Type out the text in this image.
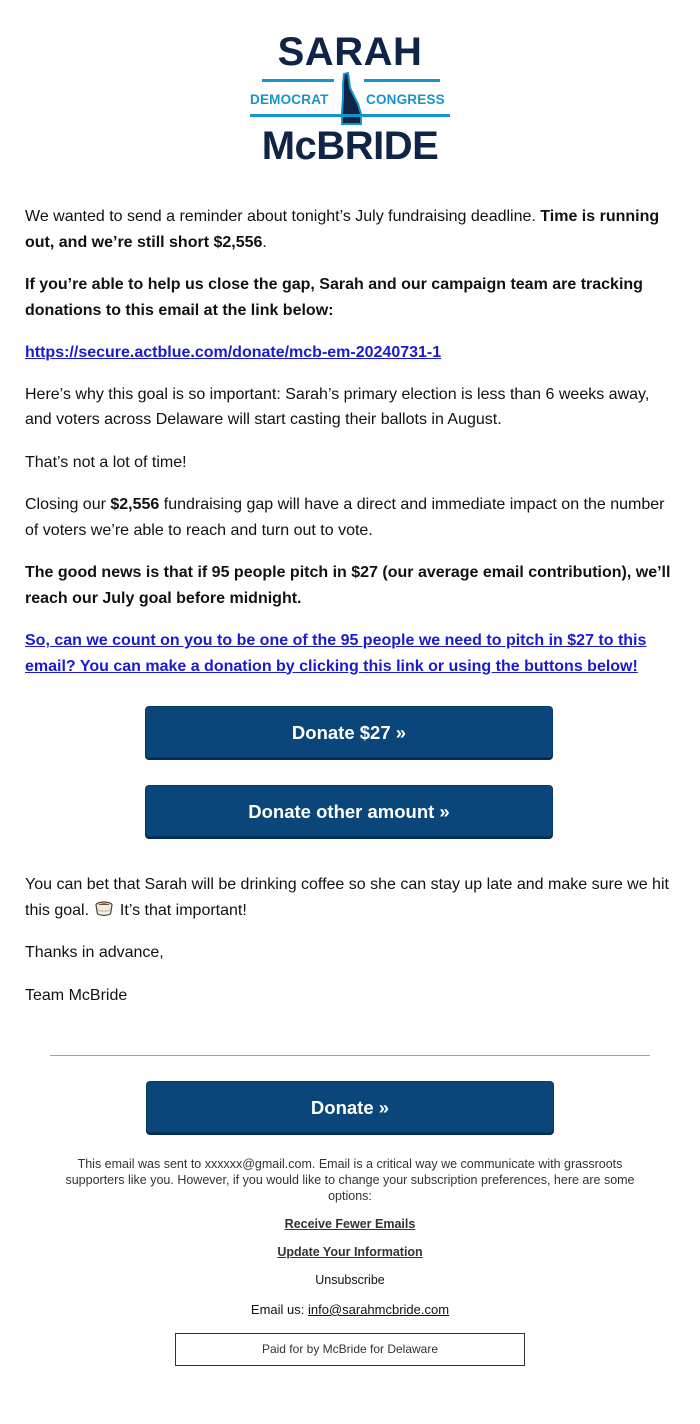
SARAH
DEMOCRAT	CONGRESS
McBRIDE

We wanted to send a reminder about tonight’s July fundraising deadline. Time is running out, and we’re still short $2,556.

If you’re able to help us close the gap, Sarah and our campaign team are tracking donations to this email at the link below:

https://secure.actblue.com/donate/mcb-em-20240731-1

Here’s why this goal is so important: Sarah’s primary election is less than 6 weeks away, and voters across Delaware will start casting their ballots in August.

That’s not a lot of time!

Closing our $2,556 fundraising gap will have a direct and immediate impact on the number of voters we’re able to reach and turn out to vote.

The good news is that if 95 people pitch in $27 (our average email contribution), we’ll reach our July goal before midnight.

So, can we count on you to be one of the 95 people we need to pitch in $27 to this email? You can make a donation by clicking this link or using the buttons below!

Donate $27 »
Donate other amount »

You can bet that Sarah will be drinking coffee so she can stay up late and make sure we hit this goal.  It’s that important!

Thanks in advance,

Team McBride

Donate »

This email was sent to xxxxxx@gmail.com. Email is a critical way we communicate with grassroots supporters like you. However, if you would like to change your subscription preferences, here are some options:

Receive Fewer Emails
Update Your Information
Unsubscribe
Email us: info@sarahmcbride.com
Paid for by McBride for Delaware
